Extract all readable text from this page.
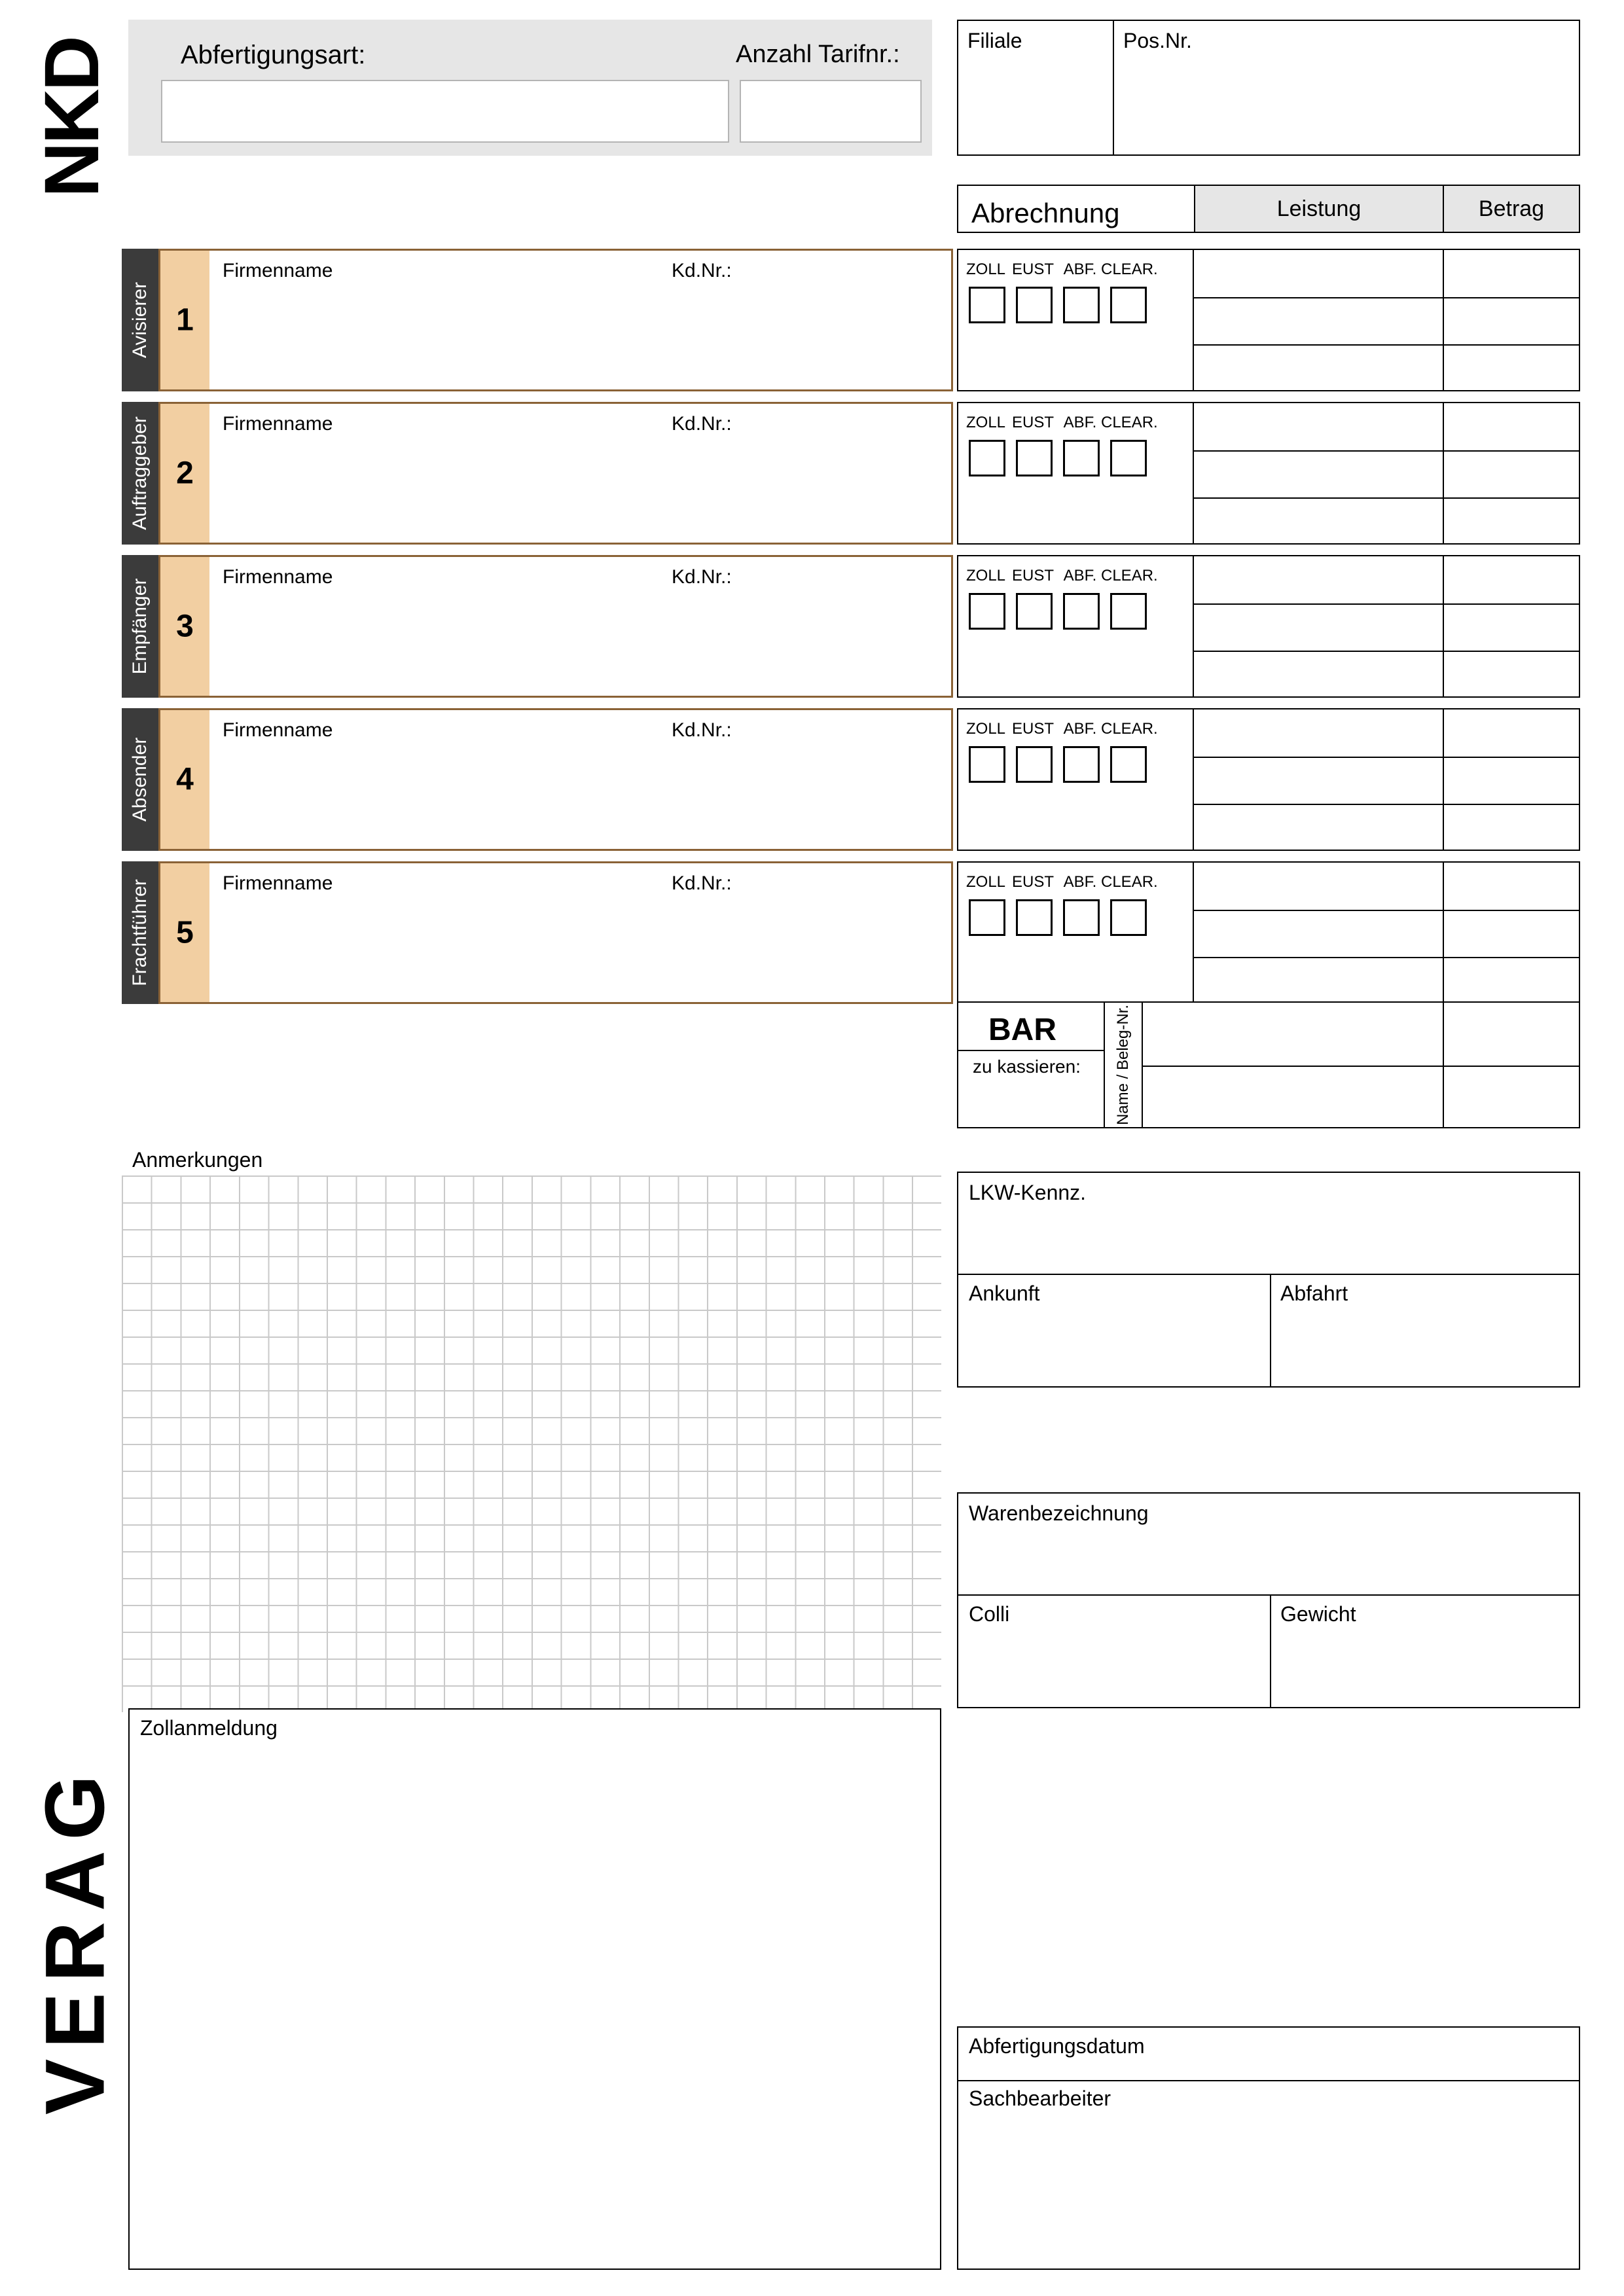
NKD
VERAG
Abfertigungsart:	Anzahl Tarifnr.:	Filiale	Pos.Nr.
Abrechnung	Leistung	Betrag
Avisierer 1
Firmenname	Kd.Nr.:	ZOLL EUST ABF. CLEAR.
Auftraggeber 2
Firmenname	Kd.Nr.:	ZOLL EUST ABF. CLEAR.
Empfänger 3
Firmenname	Kd.Nr.:	ZOLL EUST ABF. CLEAR.
Absender 4
Firmenname	Kd.Nr.:	ZOLL EUST ABF. CLEAR.
Frachtführer 5
Firmenname	Kd.Nr.:	ZOLL EUST ABF. CLEAR.
BAR
zu kassieren: Name / Beleg-Nr.
Anmerkungen
LKW-Kennz.
Ankunft	Abfahrt
Warenbezeichnung
Colli	Gewicht
Zollanmeldung
Abfertigungsdatum
Sachbearbeiter
